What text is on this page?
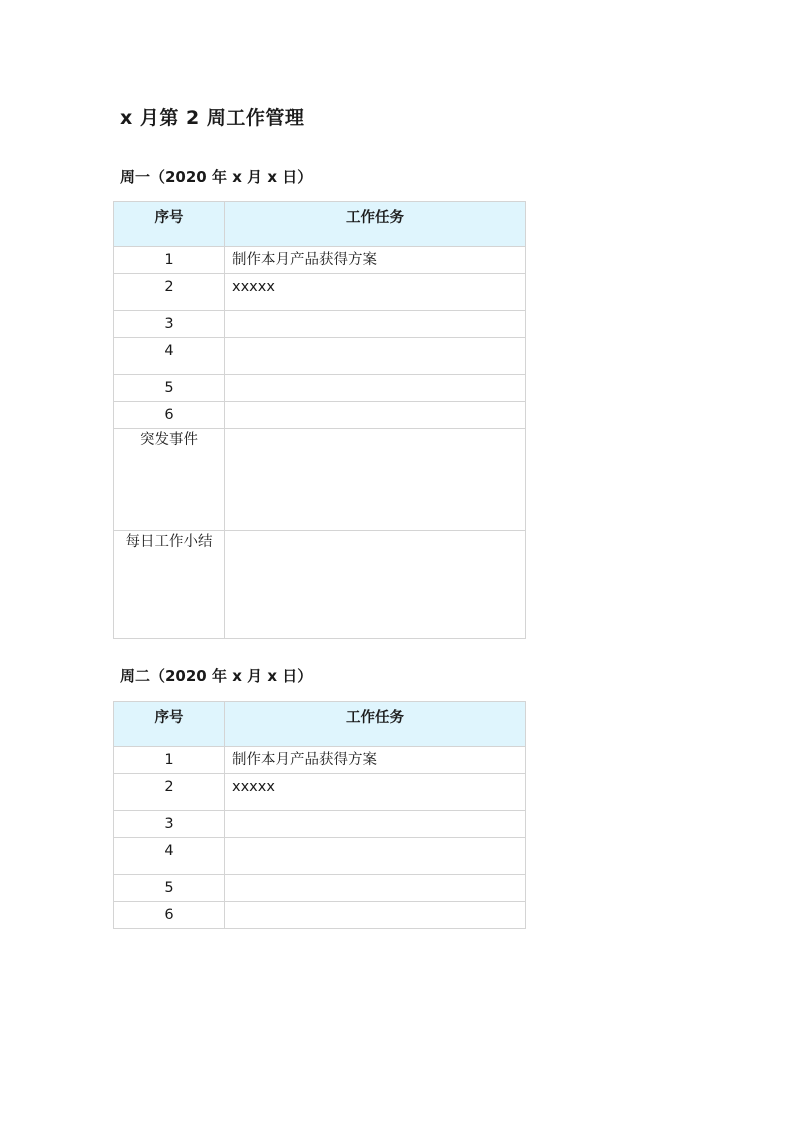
x 月第 2 周工作管理
周一（2020 年 x 月 x 日）
序号	工作任务

1	制作本月产品获得方案

2	xxxxx

3	

4	

5	

6	

突发事件	

每日工作小结	

周二（2020 年 x 月 x 日）
序号	工作任务

1	制作本月产品获得方案

2	xxxxx

3	

4	

5	

6	
